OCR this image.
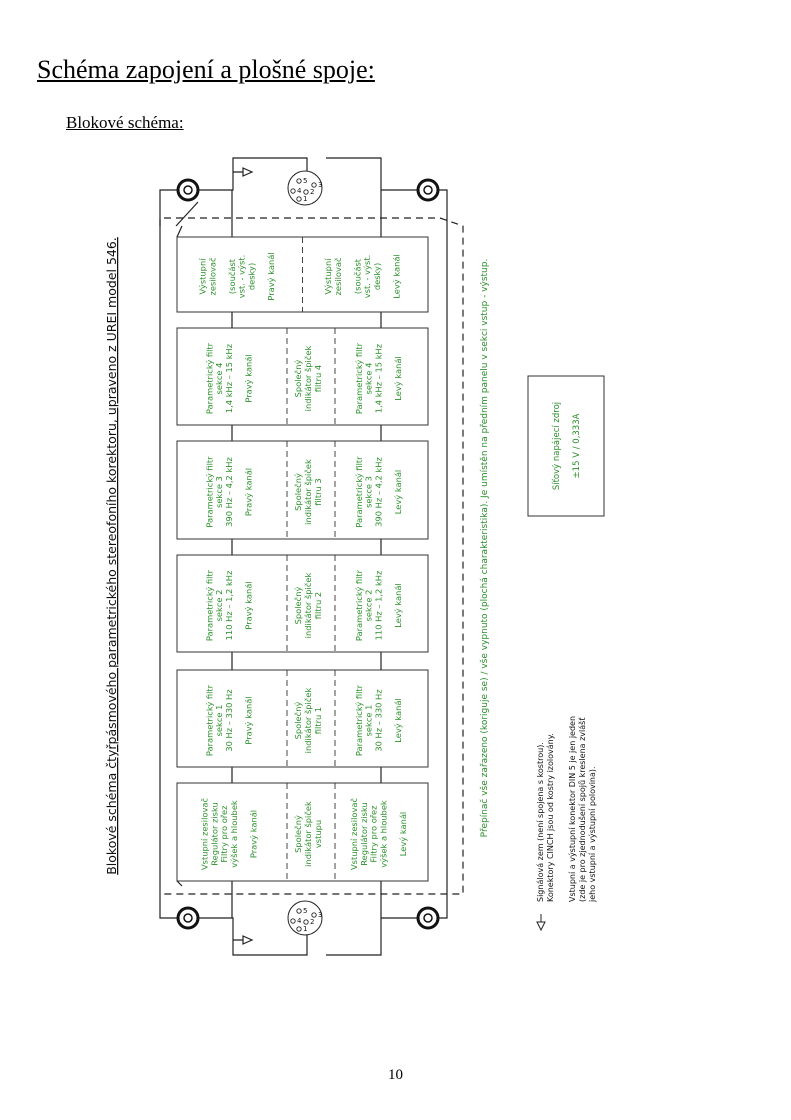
Schéma zapojení a plošné spoje:
Blokové schéma:
Blokové schéma čtyřpásmového parametrického stereofoního korektoru, upraveno z UREI model 546.	Přepínač vše zařazeno (koriguje se) / vše vypnuto (plochá charakteristika). Je umístěn na předním panelu v sekci vstup - výstup.
Vstupní zesilovač Regulátor zisku Filtry pro ořez výšek a hloubek Pravý kanál	Společný indikátor špiček vstupu	Vstupní zesilovač Regulátor zisku Filtry pro ořez výšek a hloubek Levý kanál
Parametrický filtr sekce 1 30 Hz – 330 Hz Pravý kanál	Společný indikátor špiček filtru 1	Parametrický filtr sekce 1 30 Hz – 330 Hz Levý kanál
Parametrický filtr sekce 2 110 Hz – 1,2 kHz Pravý kanál	Společný indikátor špiček filtru 2	Parametrický filtr sekce 2 110 Hz – 1,2 kHz Levý kanál
Parametrický filtr sekce 3 390 Hz – 4,2 kHz Pravý kanál	Společný indikátor špiček filtru 3	Parametrický filtr sekce 3 390 Hz – 4,2 kHz Levý kanál
Parametrický filtr sekce 4 1,4 kHz – 15 kHz Pravý kanál	Společný indikátor špiček filtru 4	Parametrický filtr sekce 4 1,4 kHz – 15 kHz Levý kanál
Výstupní zesilovač (součást vst. - výst. desky) Pravý kanál	Výstupní zesilovač (součást vst. - výst. desky) Levý kanál
1
2
3
4
5
1
2
3
4
5
Síťový napájecí zdroj ±15 V / 0,333A
Signálová zem (není spojena s kostrou). Konektory CINCH jsou od kostry izolovány. Vstupní a výstupní konektor DIN 5 je jen jeden (zde je pro zjednodušení spojů kreslena zvlášť jeho vstupní a výstupní polovina).
10
